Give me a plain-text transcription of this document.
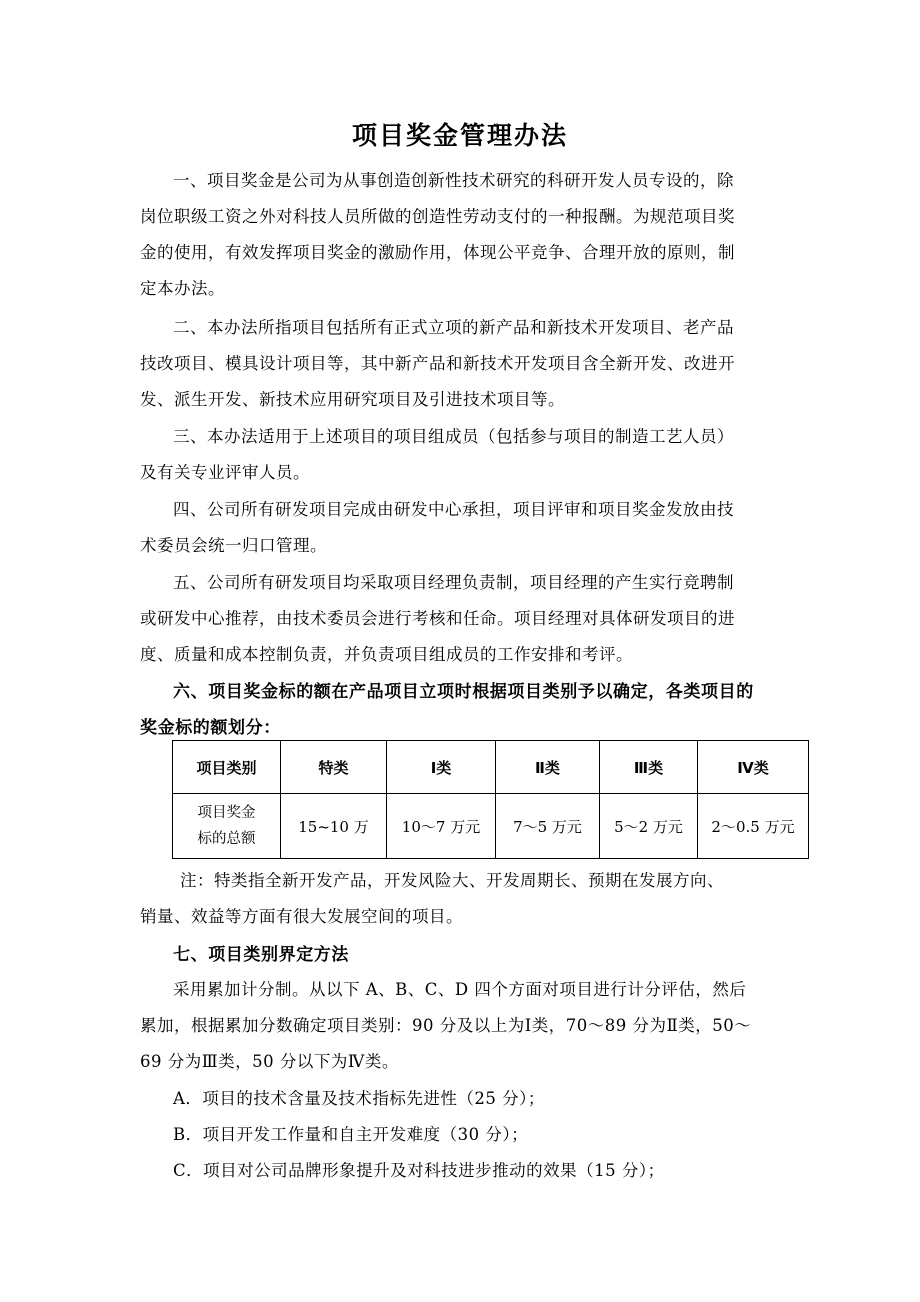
项目奖金管理办法
一、项目奖金是公司为从事创造创新性技术研究的科研开发人员专设的，除
岗位职级工资之外对科技人员所做的创造性劳动支付的一种报酬。为规范项目奖
金的使用，有效发挥项目奖金的激励作用，体现公平竞争、合理开放的原则，制
定本办法。
二、本办法所指项目包括所有正式立项的新产品和新技术开发项目、老产品
技改项目、模具设计项目等，其中新产品和新技术开发项目含全新开发、改进开
发、派生开发、新技术应用研究项目及引进技术项目等。
三、本办法适用于上述项目的项目组成员（包括参与项目的制造工艺人员）
及有关专业评审人员。
四、公司所有研发项目完成由研发中心承担，项目评审和项目奖金发放由技
术委员会统一归口管理。
五、公司所有研发项目均采取项目经理负责制，项目经理的产生实行竞聘制
或研发中心推荐，由技术委员会进行考核和任命。项目经理对具体研发项目的进
度、质量和成本控制负责，并负责项目组成员的工作安排和考评。
六、项目奖金标的额在产品项目立项时根据项目类别予以确定，各类项目的
奖金标的额划分：
项目类别	特类	Ⅰ类	Ⅱ类	Ⅲ类	Ⅳ类
项目奖金标的总额	15~10 万	10～7 万元	7～5 万元	5～2 万元	2～0.5 万元
注：特类指全新开发产品，开发风险大、开发周期长、预期在发展方向、
销量、效益等方面有很大发展空间的项目。
七、项目类别界定方法
采用累加计分制。从以下 A、B、C、D 四个方面对项目进行计分评估，然后
累加，根据累加分数确定项目类别：90 分及以上为Ⅰ类，70～89 分为Ⅱ类，50～
69 分为Ⅲ类，50 分以下为Ⅳ类。
A．项目的技术含量及技术指标先进性（25 分）；
B．项目开发工作量和自主开发难度（30 分）；
C．项目对公司品牌形象提升及对科技进步推动的效果（15 分）；
